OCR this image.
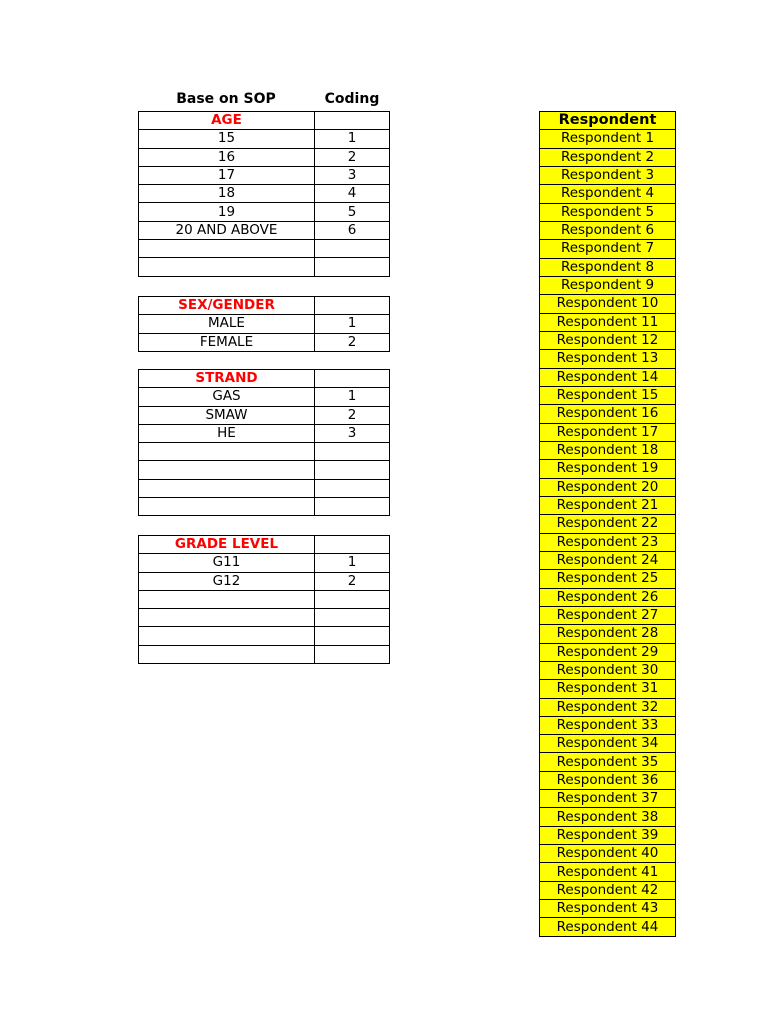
Base on SOP	Coding
AGE	
15	1
16	2
17	3
18	4
19	5
20 AND ABOVE	6

SEX/GENDER	
MALE	1
FEMALE	2
STRAND	
GAS	1
SMAW	2
HE	3

GRADE LEVEL	
G11	1
G12	2

Respondent
Respondent 1
Respondent 2
Respondent 3
Respondent 4
Respondent 5
Respondent 6
Respondent 7
Respondent 8
Respondent 9
Respondent 10
Respondent 11
Respondent 12
Respondent 13
Respondent 14
Respondent 15
Respondent 16
Respondent 17
Respondent 18
Respondent 19
Respondent 20
Respondent 21
Respondent 22
Respondent 23
Respondent 24
Respondent 25
Respondent 26
Respondent 27
Respondent 28
Respondent 29
Respondent 30
Respondent 31
Respondent 32
Respondent 33
Respondent 34
Respondent 35
Respondent 36
Respondent 37
Respondent 38
Respondent 39
Respondent 40
Respondent 41
Respondent 42
Respondent 43
Respondent 44
